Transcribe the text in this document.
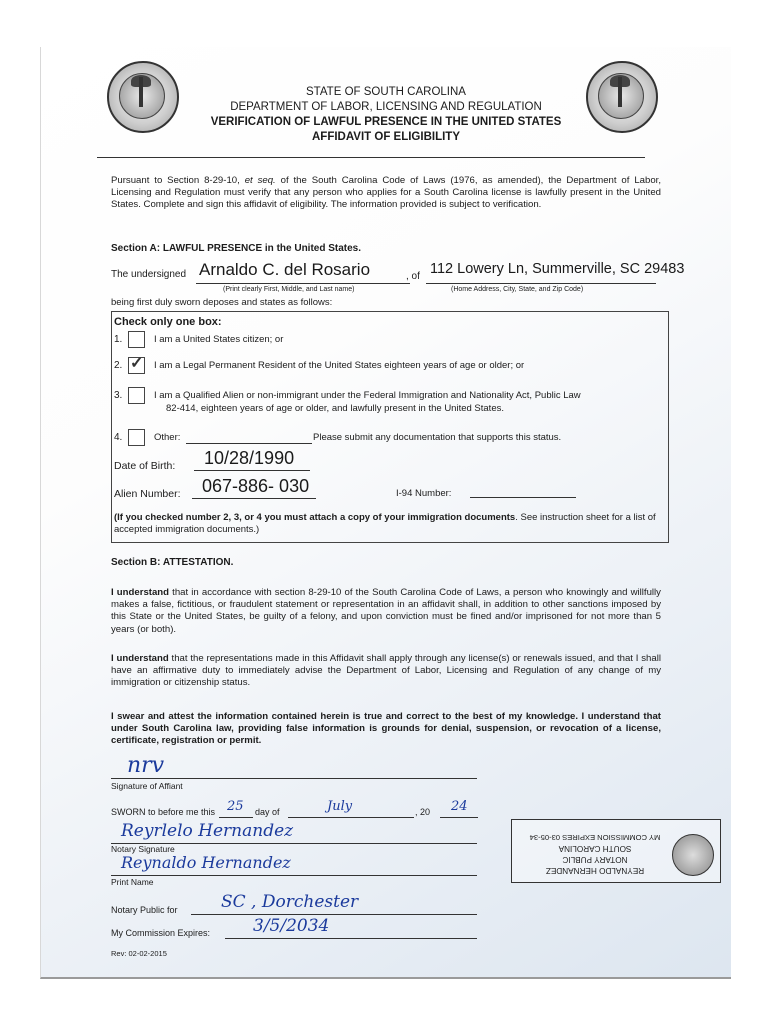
STATE OF SOUTH CAROLINA
DEPARTMENT OF LABOR, LICENSING AND REGULATION
VERIFICATION OF LAWFUL PRESENCE IN THE UNITED STATES
AFFIDAVIT OF ELIGIBILITY
Pursuant to Section 8-29-10, et seq. of the South Carolina Code of Laws (1976, as amended), the Department of Labor, Licensing and Regulation must verify that any person who applies for a South Carolina license is lawfully present in the United States. Complete and sign this affidavit of eligibility. The information provided is subject to verification.
Section A: LAWFUL PRESENCE in the United States.
The undersigned Arnaldo C. del Rosario	, of 112 Lowery Ln, Summerville, SC 29483
(Print clearly First, Middle, and Last name)	(Home Address, City, State, and Zip Code)
being first duly sworn deposes and states as follows:
Check only one box:
1.	I am a United States citizen; or
2. ✓ I am a Legal Permanent Resident of the United States eighteen years of age or older; or
3.	I am a Qualified Alien or non-immigrant under the Federal Immigration and Nationality Act, Public Law
82-414, eighteen years of age or older, and lawfully present in the United States.
4.	Other:	Please submit any documentation that supports this status.
Date of Birth: 10/28/1990
Alien Number: 067-886- 030	I-94 Number:
(If you checked number 2, 3, or 4 you must attach a copy of your immigration documents. See instruction sheet for a list of accepted immigration documents.)
Section B: ATTESTATION.
I understand that in accordance with section 8-29-10 of the South Carolina Code of Laws, a person who knowingly and willfully makes a false, fictitious, or fraudulent statement or representation in an affidavit shall, in addition to other sanctions imposed by this State or the United States, be guilty of a felony, and upon conviction must be fined and/or imprisoned for not more than 5 years (or both).
I understand that the representations made in this Affidavit shall apply through any license(s) or renewals issued, and that I shall have an affirmative duty to immediately advise the Department of Labor, Licensing and Regulation of any change of my immigration or citizenship status.
I swear and attest the information contained herein is true and correct to the best of my knowledge. I understand that under South Carolina law, providing false information is grounds for denial, suspension, or revocation of a license, certificate, registration or permit.
nrv
Signature of Affiant
SWORN to before me this 25 day of	July	, 20 24
Reyrlelo Hernandez
Notary Signature
Reynaldo Hernandez
Print Name
Notary Public for	SC , Dorchester
My Commission Expires:	3/5/2034
Rev: 02-02-2015
REYNALDO HERNANDEZ
NOTARY PUBLIC
SOUTH CAROLINA
MY COMMISSION EXPIRES 03-05-34
